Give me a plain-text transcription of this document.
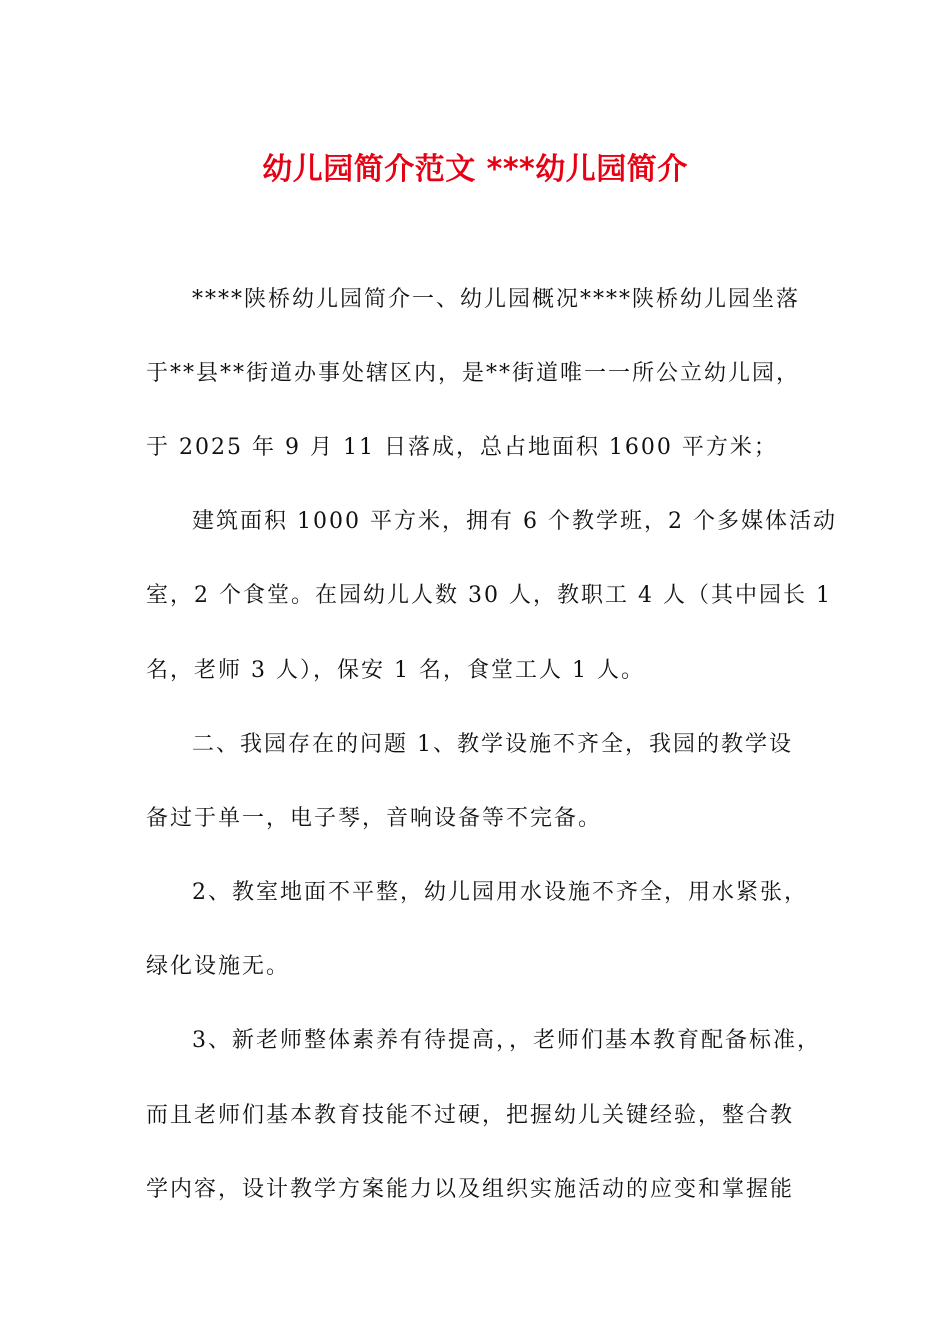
幼儿园简介范文 ***幼儿园简介
****陕桥幼儿园简介一、幼儿园概况****陕桥幼儿园坐落
于**县**街道办事处辖区内，是**街道唯一一所公立幼儿园，
于 2025 年 9 月 11 日落成，总占地面积 1600 平方米；
建筑面积 1000 平方米，拥有 6 个教学班，2 个多媒体活动
室，2 个食堂。在园幼儿人数 30 人，教职工 4 人（其中园长 1
名，老师 3 人），保安 1 名，食堂工人 1 人。
二、我园存在的问题 1、教学设施不齐全，我园的教学设
备过于单一，电子琴，音响设备等不完备。
2、教室地面不平整，幼儿园用水设施不齐全，用水紧张，
绿化设施无。
3、新老师整体素养有待提高，，老师们基本教育配备标准，
而且老师们基本教育技能不过硬，把握幼儿关键经验，整合教
学内容，设计教学方案能力以及组织实施活动的应变和掌握能
